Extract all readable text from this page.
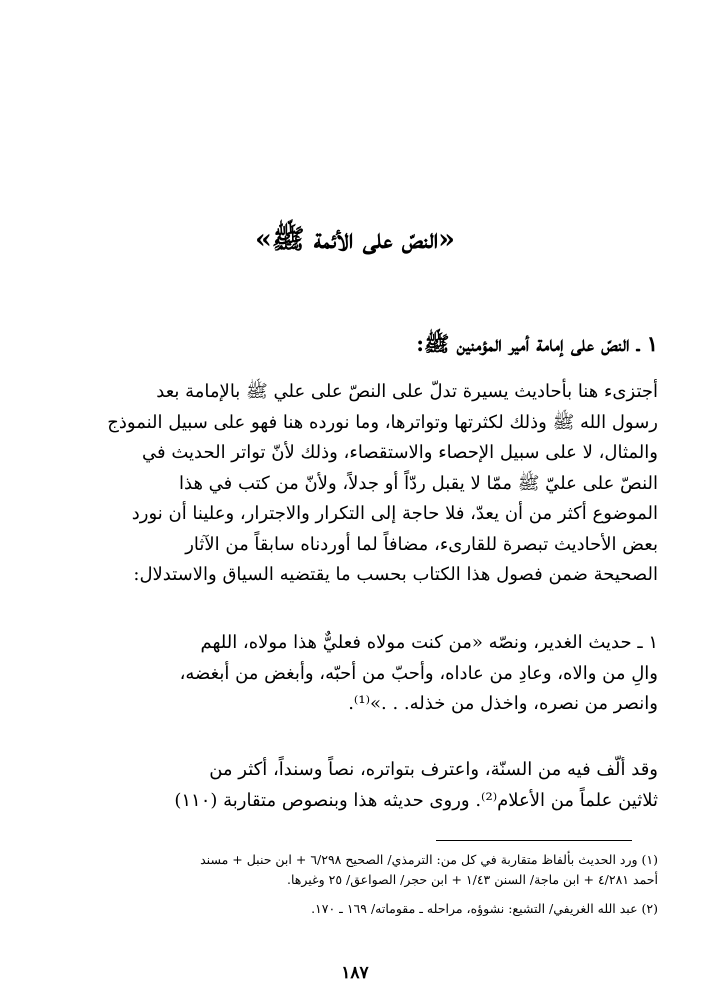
«النصّ على الأئمة ﷺ»
١ ـ النصّ على إمامة أمير المؤمنين ﷺ:
أجتزىء هنا بأحاديث يسيرة تدلّ على النصّ على علي ﷺ بالإمامة بعد
رسول الله ﷺ وذلك لكثرتها وتواترها، وما نورده هنا فهو على سبيل النموذج
والمثال، لا على سبيل الإحصاء والاستقصاء، وذلك لأنّ تواتر الحديث في
النصّ على عليّ ﷺ ممّا لا يقبل ردّاً أو جدلاً، ولأنّ من كتب في هذا
الموضوع أكثر من أن يعدّ، فلا حاجة إلى التكرار والاجترار، وعلينا أن نورد
بعض الأحاديث تبصرة للقارىء، مضافاً لما أوردناه سابقاً من الآثار
الصحيحة ضمن فصول هذا الكتاب بحسب ما يقتضيه السياق والاستدلال:
١ ـ حديث الغدير، ونصّه «من كنت مولاه فعليٌّ هذا مولاه، اللهم
والِ من والاه، وعادِ من عاداه، وأحبّ من أحبّه، وأبغض من أبغضه،
وانصر من نصره، واخذل من خذله. . .»⁽¹⁾.
وقد ألّف فيه من السنّة، واعترف بتواتره، نصاً وسنداً، أكثر من
ثلاثين علماً من الأعلام⁽²⁾. وروى حديثه هذا وبنصوص متقاربة (١١٠)
(١) ورد الحديث بألفاظ متقاربة في كل من: الترمذي/ الصحيح ٦/٢٩٨ + ابن حنبل + مسند
أحمد ٤/٢٨١ + ابن ماجة/ السنن ١/٤٣ + ابن حجر/ الصواعق/ ٢٥ وغيرها.
(٢) عبد الله الغريفي/ التشيع: نشوؤه، مراحله ـ مقوماته/ ١٦٩ ـ ١٧٠.
١٨٧
